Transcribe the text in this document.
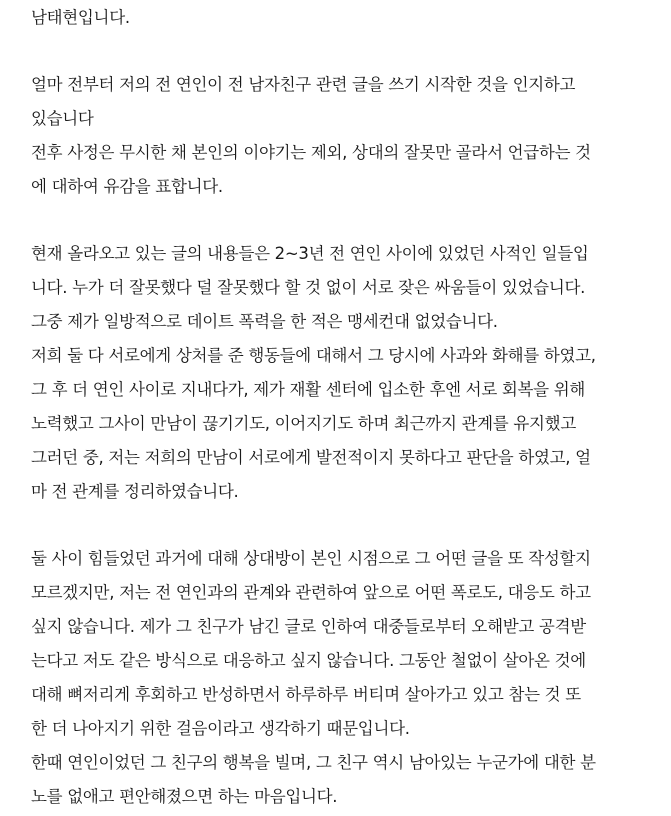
남태현입니다.
얼마 전부터 저의 전 연인이 전 남자친구 관련 글을 쓰기 시작한 것을 인지하고
있습니다
전후 사정은 무시한 채 본인의 이야기는 제외, 상대의 잘못만 골라서 언급하는 것
에 대하여 유감을 표합니다.
현재 올라오고 있는 글의 내용들은 2~3년 전 연인 사이에 있었던 사적인 일들입
니다. 누가 더 잘못했다 덜 잘못했다 할 것 없이 서로 잦은 싸움들이 있었습니다.
그중 제가 일방적으로 데이트 폭력을 한 적은 맹세컨대 없었습니다.
저희 둘 다 서로에게 상처를 준 행동들에 대해서 그 당시에 사과와 화해를 하였고,
그 후 더 연인 사이로 지내다가, 제가 재활 센터에 입소한 후엔 서로 회복을 위해
노력했고 그사이 만남이 끊기기도, 이어지기도 하며 최근까지 관계를 유지했고
그러던 중, 저는 저희의 만남이 서로에게 발전적이지 못하다고 판단을 하였고, 얼
마 전 관계를 정리하였습니다.
둘 사이 힘들었던 과거에 대해 상대방이 본인 시점으로 그 어떤 글을 또 작성할지
모르겠지만, 저는 전 연인과의 관계와 관련하여 앞으로 어떤 폭로도, 대응도 하고
싶지 않습니다. 제가 그 친구가 남긴 글로 인하여 대중들로부터 오해받고 공격받
는다고 저도 같은 방식으로 대응하고 싶지 않습니다. 그동안 철없이 살아온 것에
대해 뼈저리게 후회하고 반성하면서 하루하루 버티며 살아가고 있고 참는 것 또
한 더 나아지기 위한 걸음이라고 생각하기 때문입니다.
한때 연인이었던 그 친구의 행복을 빌며, 그 친구 역시 남아있는 누군가에 대한 분
노를 없애고 편안해졌으면 하는 마음입니다.
